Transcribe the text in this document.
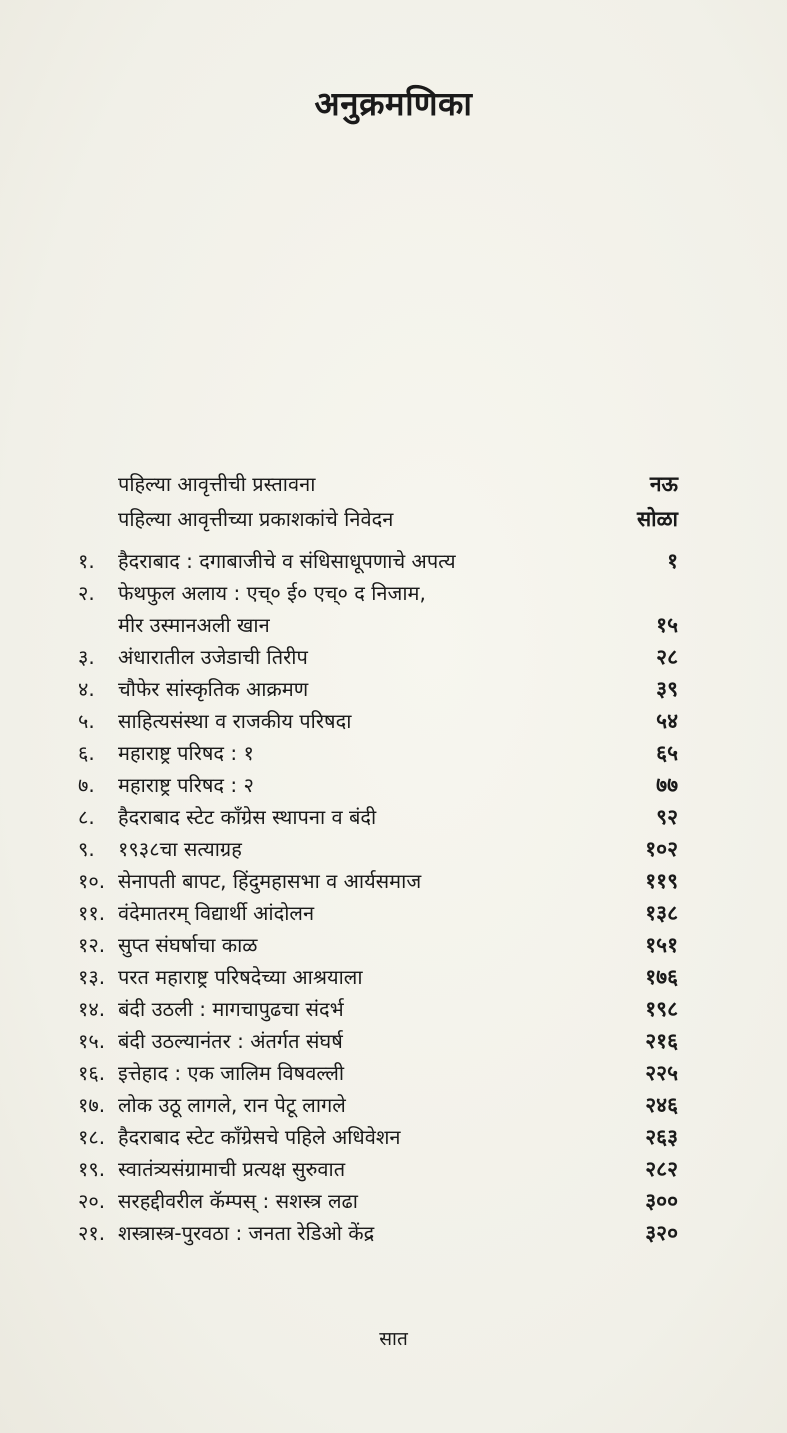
अनुक्रमणिका
पहिल्या आवृत्तीची प्रस्तावना	नऊ
पहिल्या आवृत्तीच्या प्रकाशकांचे निवेदन	सोळा
१.	हैदराबाद : दगाबाजीचे व संधिसाधूपणाचे अपत्य	१
२.	फेथफुल अलाय : एच्० ई० एच्० द निजाम,
मीर उस्मानअली खान	१५
३.	अंधारातील उजेडाची तिरीप	२८
४.	चौफेर सांस्कृतिक आक्रमण	३९
५.	साहित्यसंस्था व राजकीय परिषदा	५४
६.	महाराष्ट्र परिषद : १	६५
७.	महाराष्ट्र परिषद : २	७७
८.	हैदराबाद स्टेट कॉंग्रेस स्थापना व बंदी	९२
९.	१९३८चा सत्याग्रह	१०२
१०. सेनापती बापट, हिंदुमहासभा व आर्यसमाज	११९
११. वंदेमातरम् विद्यार्थी आंदोलन	१३८
१२. सुप्त संघर्षाचा काळ	१५१
१३. परत महाराष्ट्र परिषदेच्या आश्रयाला	१७६
१४. बंदी उठली : मागचापुढचा संदर्भ	१९८
१५. बंदी उठल्यानंतर : अंतर्गत संघर्ष	२१६
१६. इत्तेहाद : एक जालिम विषवल्ली	२२५
१७. लोक उठू लागले, रान पेटू लागले	२४६
१८. हैदराबाद स्टेट कॉंग्रेसचे पहिले अधिवेशन	२६३
१९. स्वातंत्र्यसंग्रामाची प्रत्यक्ष सुरुवात	२८२
२०. सरहद्दीवरील कॅम्पस् : सशस्त्र लढा	३००
२१. शस्त्रास्त्र-पुरवठा : जनता रेडिओ केंद्र	३२०
सात
